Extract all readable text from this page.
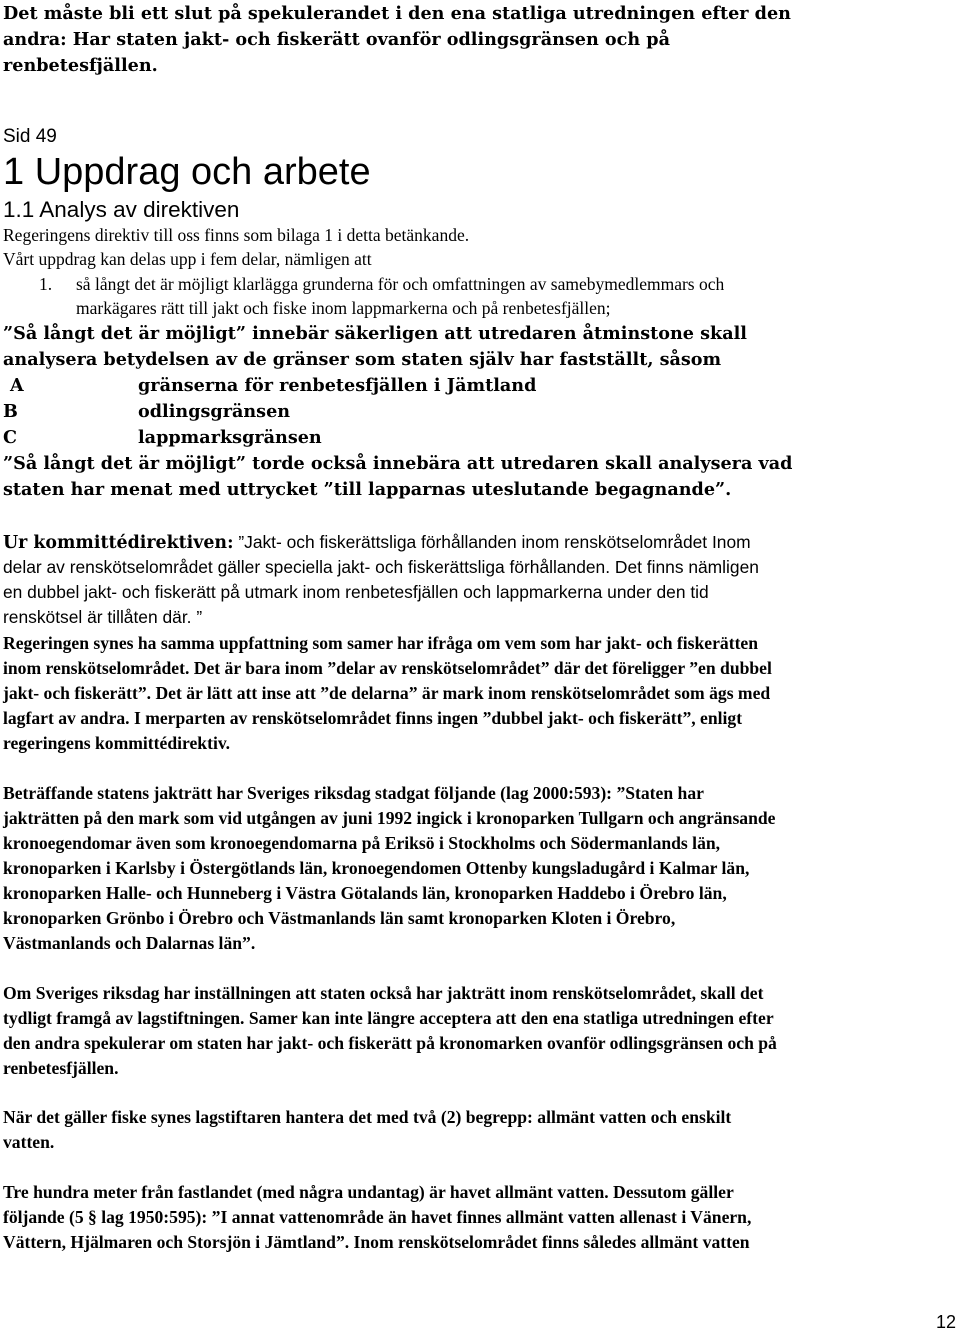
Det måste bli ett slut på spekulerandet i den ena statliga utredningen efter den
andra: Har staten jakt- och fiskerätt ovanför odlingsgränsen och på
renbetesfjällen.
Sid 49
1 Uppdrag och arbete
1.1 Analys av direktiven
Regeringens direktiv till oss finns som bilaga 1 i detta betänkande.
Vårt uppdrag kan delas upp i fem delar, nämligen att
1. så långt det är möjligt klarlägga grunderna för och omfattningen av samebymedlemmars och
markägares rätt till jakt och fiske inom lappmarkerna och på renbetesfjällen;
”Så långt det är möjligt” innebär säkerligen att utredaren åtminstone skall
analysera betydelsen av de gränser som staten själv har fastställt, såsom
A	gränserna för renbetesfjällen i Jämtland
B	odlingsgränsen
C	lappmarksgränsen
”Så långt det är möjligt” torde också innebära att utredaren skall analysera vad
staten har menat med uttrycket ”till lapparnas uteslutande begagnande”.
Ur kommittédirektiven: ”Jakt- och fiskerättsliga förhållanden inom renskötselområdet Inom
delar av renskötselområdet gäller speciella jakt- och fiskerättsliga förhållanden. Det finns nämligen
en dubbel jakt- och fiskerätt på utmark inom renbetesfjällen och lappmarkerna under den tid
renskötsel är tillåten där. ”
Regeringen synes ha samma uppfattning som samer har ifråga om vem som har jakt- och fiskerätten
inom renskötselområdet. Det är bara inom ”delar av renskötselområdet” där det föreligger ”en dubbel
jakt- och fiskerätt”. Det är lätt att inse att ”de delarna” är mark inom renskötselområdet som ägs med
lagfart av andra. I merparten av renskötselområdet finns ingen ”dubbel jakt- och fiskerätt”, enligt
regeringens kommittédirektiv.
Beträffande statens jakträtt har Sveriges riksdag stadgat följande (lag 2000:593): ”Staten har
jakträtten på den mark som vid utgången av juni 1992 ingick i kronoparken Tullgarn och angränsande
kronoegendomar även som kronoegendomarna på Eriksö i Stockholms och Södermanlands län,
kronoparken i Karlsby i Östergötlands län, kronoegendomen Ottenby kungsladugård i Kalmar län,
kronoparken Halle- och Hunneberg i Västra Götalands län, kronoparken Haddebo i Örebro län,
kronoparken Grönbo i Örebro och Västmanlands län samt kronoparken Kloten i Örebro,
Västmanlands och Dalarnas län”.
Om Sveriges riksdag har inställningen att staten också har jakträtt inom renskötselområdet, skall det
tydligt framgå av lagstiftningen. Samer kan inte längre acceptera att den ena statliga utredningen efter
den andra spekulerar om staten har jakt- och fiskerätt på kronomarken ovanför odlingsgränsen och på
renbetesfjällen.
När det gäller fiske synes lagstiftaren hantera det med två (2) begrepp: allmänt vatten och enskilt
vatten.
Tre hundra meter från fastlandet (med några undantag) är havet allmänt vatten. Dessutom gäller
följande (5 § lag 1950:595): ”I annat vattenområde än havet finnes allmänt vatten allenast i Vänern,
Vättern, Hjälmaren och Storsjön i Jämtland”. Inom renskötselområdet finns således allmänt vatten
12
